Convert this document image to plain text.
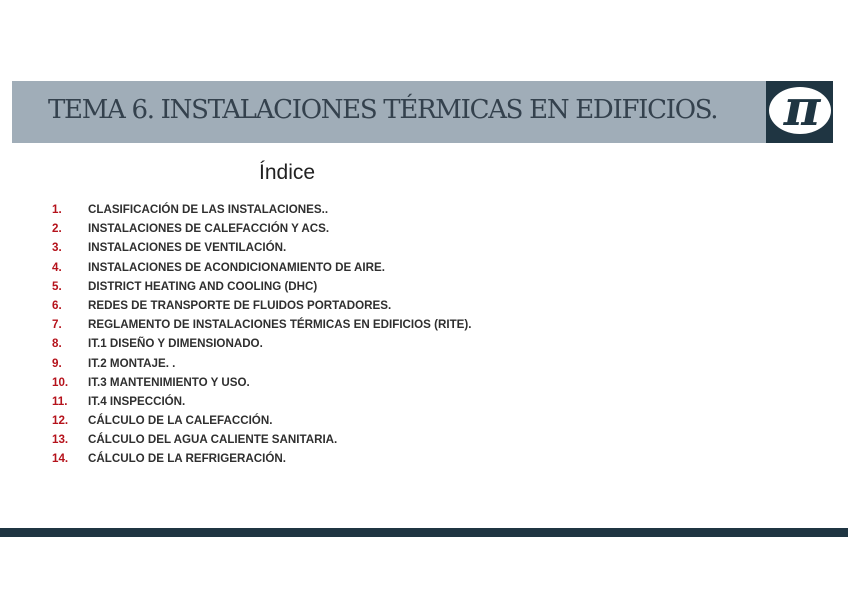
TEMA 6. INSTALACIONES TÉRMICAS EN EDIFICIOS. π
Índice
1. CLASIFICACIÓN DE LAS INSTALACIONES..
2. INSTALACIONES DE CALEFACCIÓN Y ACS.
3. INSTALACIONES DE VENTILACIÓN.
4. INSTALACIONES DE ACONDICIONAMIENTO DE AIRE.
5. DISTRICT HEATING AND COOLING (DHC)
6. REDES DE TRANSPORTE DE FLUIDOS PORTADORES.
7. REGLAMENTO DE INSTALACIONES TÉRMICAS EN EDIFICIOS (RITE).
8. IT.1 DISEÑO Y DIMENSIONADO.
9. IT.2 MONTAJE. .
10. IT.3 MANTENIMIENTO Y USO.
11. IT.4 INSPECCIÓN.
12. CÁLCULO DE LA CALEFACCIÓN.
13. CÁLCULO DEL AGUA CALIENTE SANITARIA.
14. CÁLCULO DE LA REFRIGERACIÓN.
